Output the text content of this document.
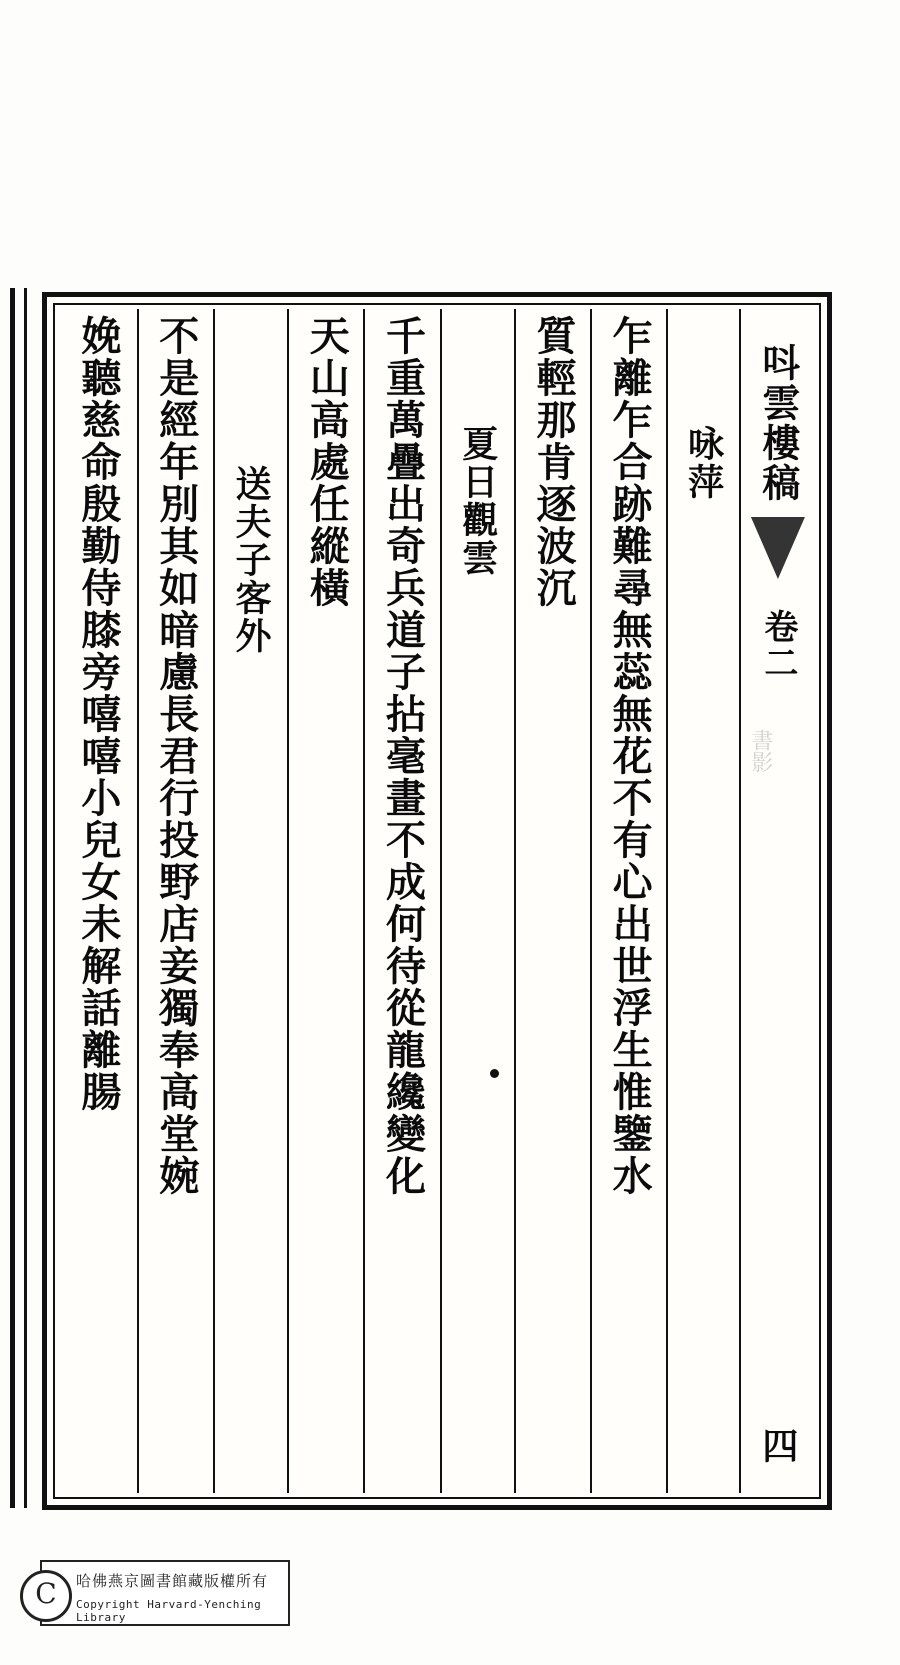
呌雲樓稿
卷二
書影
四
咏萍
乍離乍合跡難尋無蕊無花不有心出世浮生惟鑒水
質輕那肯逐波沉
夏日觀雲
千重萬疊出奇兵道子拈毫畫不成何待從龍纔變化
天山高處任縱橫
送夫子客外
不是經年別其如暗慮長君行投野店妾獨奉高堂婉
娩聽慈命殷勤侍膝旁嘻嘻小兒女未解話離腸
C	哈佛燕京圖書館藏版權所有
Copyright Harvard-Yenching Library
